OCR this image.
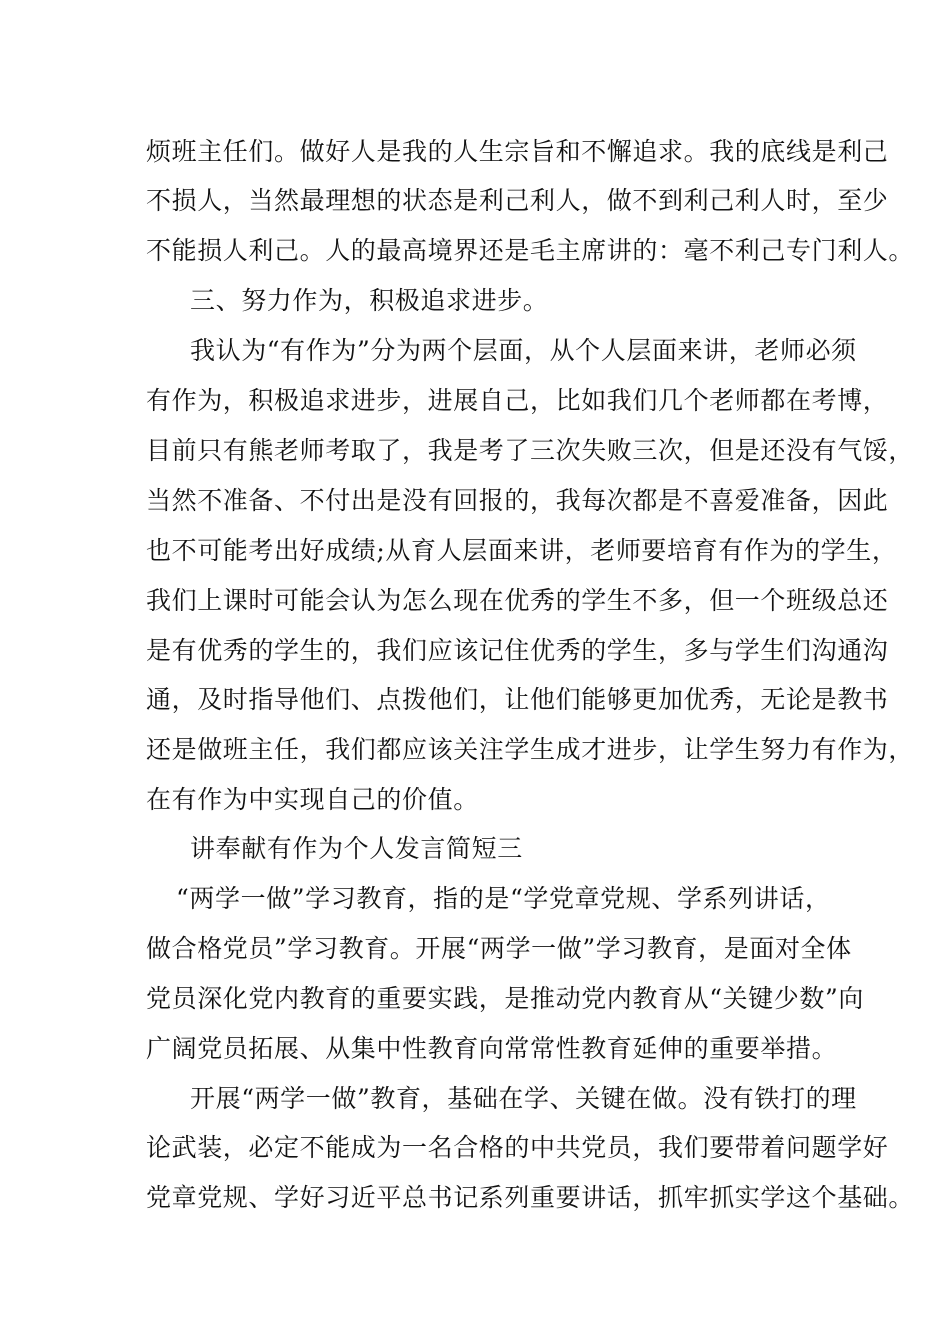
烦班主任们。做好人是我的人生宗旨和不懈追求。我的底线是利己
不损人，当然最理想的状态是利己利人，做不到利己利人时，至少
不能损人利己。人的最高境界还是毛主席讲的：毫不利己专门利人。
三、努力作为，积极追求进步。
我认为“有作为”分为两个层面，从个人层面来讲，老师必须
有作为，积极追求进步，进展自己，比如我们几个老师都在考博，
目前只有熊老师考取了，我是考了三次失败三次，但是还没有气馁，
当然不准备、不付出是没有回报的，我每次都是不喜爱准备，因此
也不可能考出好成绩;从育人层面来讲，老师要培育有作为的学生，
我们上课时可能会认为怎么现在优秀的学生不多，但一个班级总还
是有优秀的学生的，我们应该记住优秀的学生，多与学生们沟通沟
通，及时指导他们、点拨他们，让他们能够更加优秀，无论是教书
还是做班主任，我们都应该关注学生成才进步，让学生努力有作为，
在有作为中实现自己的价值。
讲奉献有作为个人发言简短三
“两学一做”学习教育，指的是“学党章党规、学系列讲话，
做合格党员”学习教育。开展“两学一做”学习教育，是面对全体
党员深化党内教育的重要实践，是推动党内教育从“关键少数”向
广阔党员拓展、从集中性教育向常常性教育延伸的重要举措。
开展“两学一做”教育，基础在学、关键在做。没有铁打的理
论武装，必定不能成为一名合格的中共党员，我们要带着问题学好
党章党规、学好习近平总书记系列重要讲话，抓牢抓实学这个基础。
